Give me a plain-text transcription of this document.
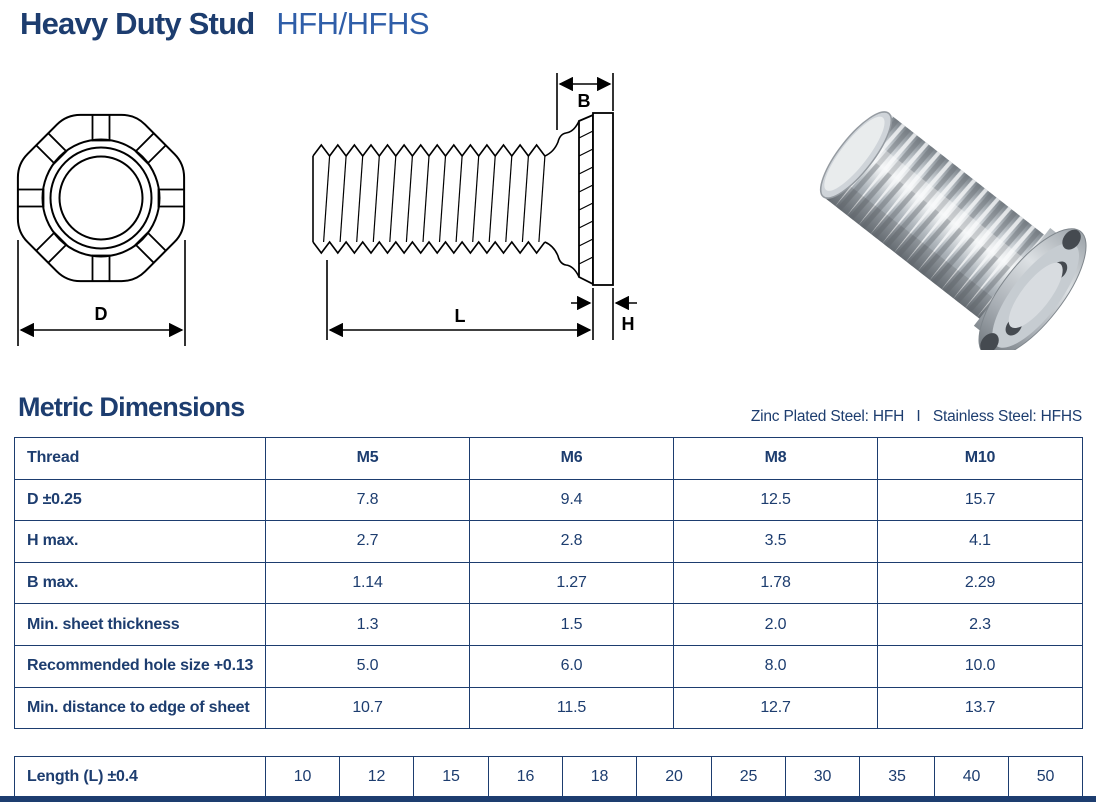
Heavy Duty Stud HFH/HFHS
D
B
L	H
Metric Dimensions	Zinc Plated Steel: HFH   I   Stainless Steel: HFHS
Thread	M5	M6	M8	M10
D ±0.25	7.8	9.4	12.5	15.7
H max.	2.7	2.8	3.5	4.1
B max.	1.14	1.27	1.78	2.29
Min. sheet thickness	1.3	1.5	2.0	2.3
Recommended hole size +0.13	5.0	6.0	8.0	10.0
Min. distance to edge of sheet	10.7	11.5	12.7	13.7
Length (L) ±0.4	10	12	15	16	18	20	25	30	35	40	50
